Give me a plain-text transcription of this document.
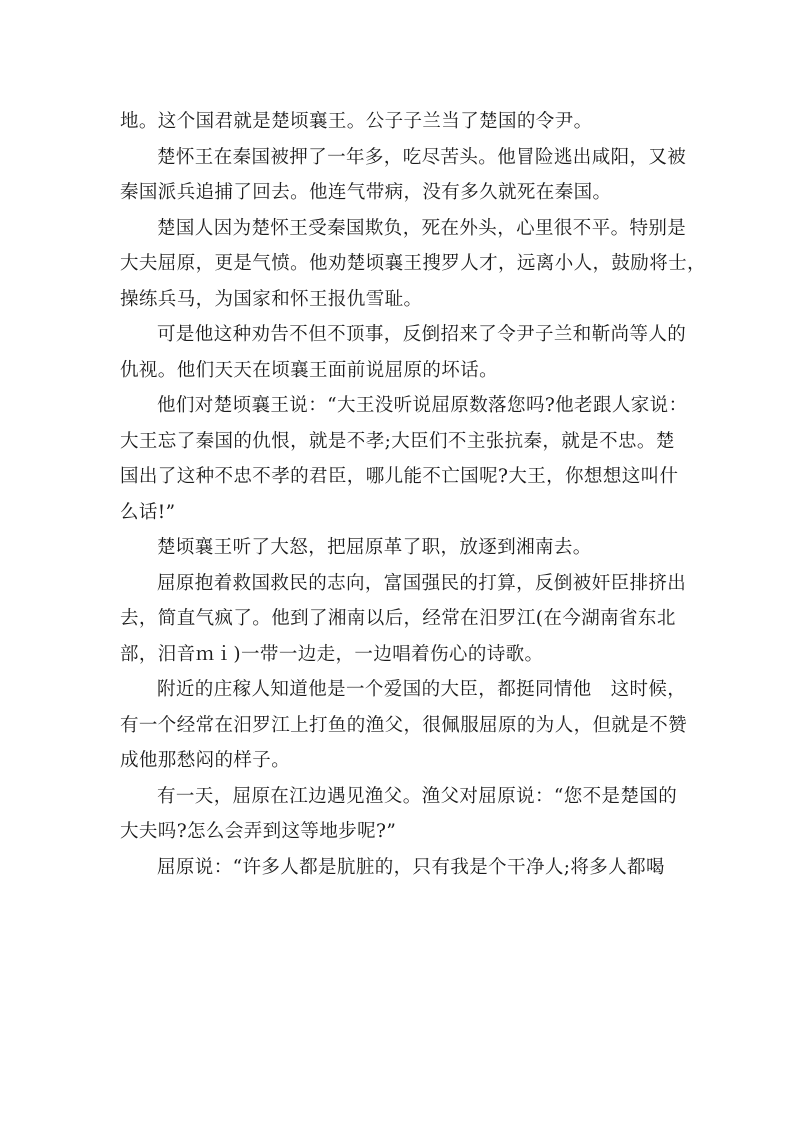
地。这个国君就是楚顷襄王。公子子兰当了楚国的令尹。
楚怀王在秦国被押了一年多，吃尽苦头。他冒险逃出咸阳，又被
秦国派兵追捕了回去。他连气带病，没有多久就死在秦国。
楚国人因为楚怀王受秦国欺负，死在外头，心里很不平。特别是
大夫屈原，更是气愤。他劝楚顷襄王搜罗人才，远离小人，鼓励将士，
操练兵马，为国家和怀王报仇雪耻。
可是他这种劝告不但不顶事，反倒招来了令尹子兰和靳尚等人的
仇视。他们天天在顷襄王面前说屈原的坏话。
他们对楚顷襄王说：“大王没听说屈原数落您吗?他老跟人家说：
大王忘了秦国的仇恨，就是不孝;大臣们不主张抗秦，就是不忠。楚
国出了这种不忠不孝的君臣，哪儿能不亡国呢?大王，你想想这叫什
么话!”
楚顷襄王听了大怒，把屈原革了职，放逐到湘南去。
屈原抱着救国救民的志向，富国强民的打算，反倒被奸臣排挤出
去，简直气疯了。他到了湘南以后，经常在汨罗江(在今湖南省东北
部，汨音ｍｉ)一带一边走，一边唱着伤心的诗歌。
附近的庄稼人知道他是一个爱国的大臣，都挺同情他　这时候，
有一个经常在汨罗江上打鱼的渔父，很佩服屈原的为人，但就是不赞
成他那愁闷的样子。
有一天，屈原在江边遇见渔父。渔父对屈原说：“您不是楚国的
大夫吗?怎么会弄到这等地步呢?”
屈原说：“许多人都是肮脏的，只有我是个干净人;将多人都喝
